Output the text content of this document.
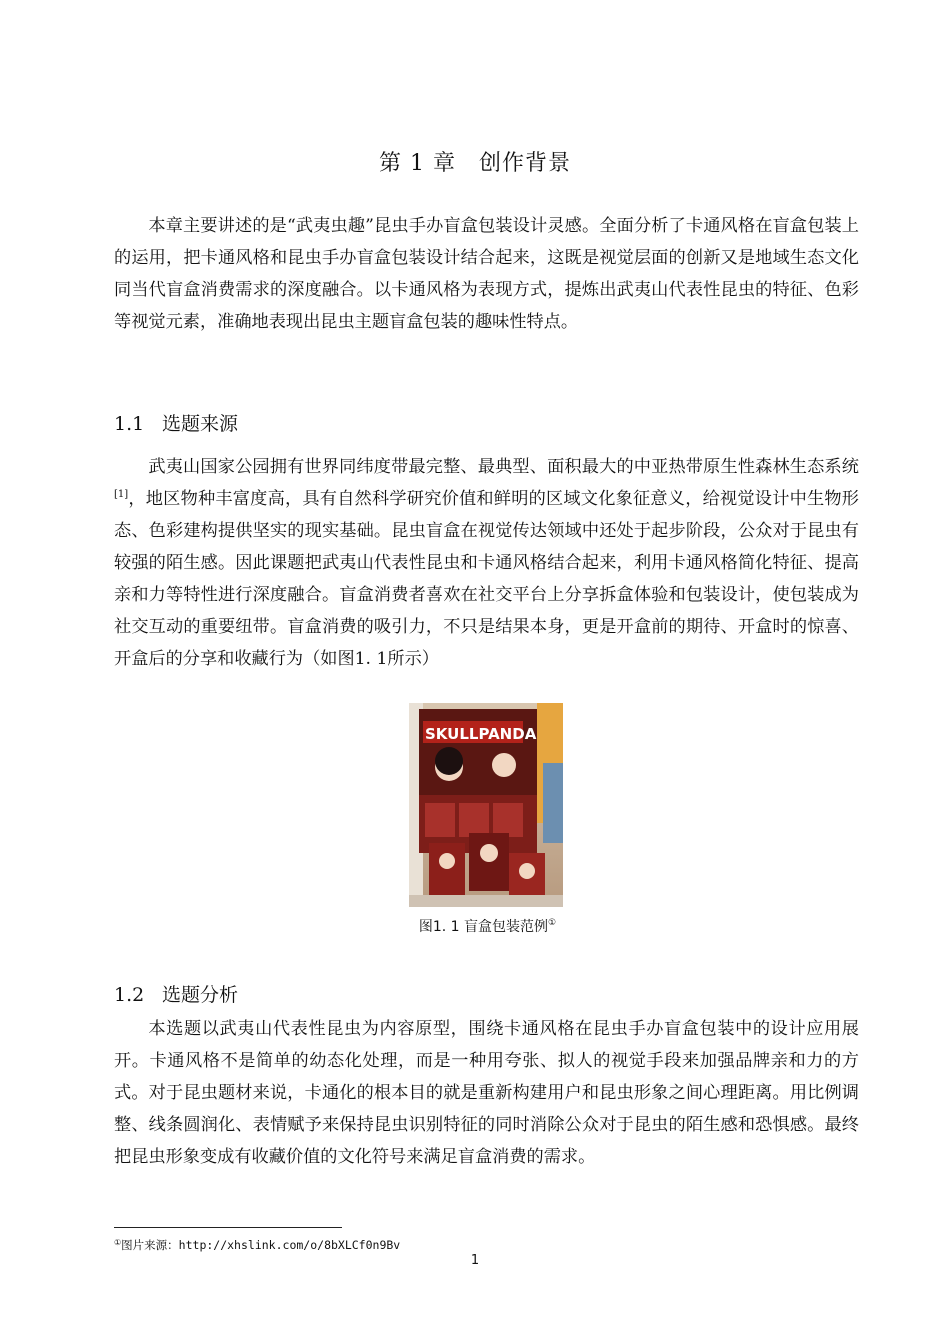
第 1 章　创作背景

本章主要讲述的是“武夷虫趣”昆虫手办盲盒包装设计灵感。全面分析了卡通风格在盲盒包装上的运用，把卡通风格和昆虫手办盲盒包装设计结合起来，这既是视觉层面的创新又是地域生态文化同当代盲盒消费需求的深度融合。以卡通风格为表现方式，提炼出武夷山代表性昆虫的特征、色彩等视觉元素，准确地表现出昆虫主题盲盒包装的趣味性特点。

1.1 选题来源

武夷山国家公园拥有世界同纬度带最完整、最典型、面积最大的中亚热带原生性森林生态系统[1]，地区物种丰富度高，具有自然科学研究价值和鲜明的区域文化象征意义，给视觉设计中生物形态、色彩建构提供坚实的现实基础。昆虫盲盒在视觉传达领域中还处于起步阶段，公众对于昆虫有较强的陌生感。因此课题把武夷山代表性昆虫和卡通风格结合起来，利用卡通风格简化特征、提高亲和力等特性进行深度融合。盲盒消费者喜欢在社交平台上分享拆盒体验和包装设计，使包装成为社交互动的重要纽带。盲盒消费的吸引力，不只是结果本身，更是开盒前的期待、开盒时的惊喜、开盒后的分享和收藏行为（如图1. 1所示）

SKULLPANDA
图1. 1 盲盒包装范例①
1.2 选题分析

本选题以武夷山代表性昆虫为内容原型，围绕卡通风格在昆虫手办盲盒包装中的设计应用展开。卡通风格不是简单的幼态化处理，而是一种用夸张、拟人的视觉手段来加强品牌亲和力的方式。对于昆虫题材来说，卡通化的根本目的就是重新构建用户和昆虫形象之间心理距离。用比例调整、线条圆润化、表情赋予来保持昆虫识别特征的同时消除公众对于昆虫的陌生感和恐惧感。最终把昆虫形象变成有收藏价值的文化符号来满足盲盒消费的需求。

①图片来源：http://xhslink.com/o/8bXLCf0n9Bv
1
